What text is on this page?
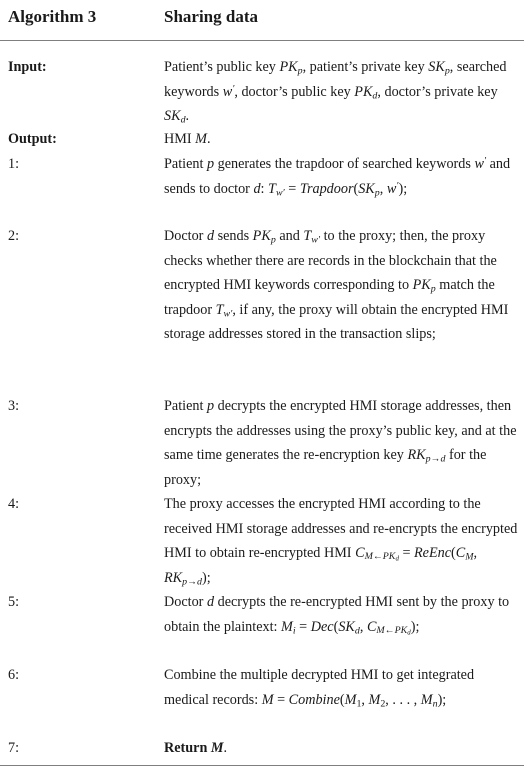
Algorithm 3	Sharing data
Input:	Patient’s public key $PK_p$, patient’s private key $SK_p$, searched keywords w′, doctor’s public key $PK_d$, doctor’s private key $SK_d$.
Output:	HMI M.
1:	Patient p generates the trapdoor of searched keywords w′ and sends to doctor d: $T_{w'}$ = $Trapdoor(SK_p$, w′);
2:	Doctor d sends $PK_p$ and $T_{w'}$ to the proxy; then, the proxy checks whether there are records in the blockchain that the encrypted HMI keywords corresponding to $PK_p$ match the trapdoor $T_{w'}$, if any, the proxy will obtain the encrypted HMI storage addresses stored in the transaction slips;
3:	Patient p decrypts the encrypted HMI storage addresses, then encrypts the addresses using the proxy’s public key, and at the same time generates the re-encryption key $RK_{p\to d}$ for the proxy;
4:	The proxy accesses the encrypted HMI according to the received HMI storage addresses and re-encrypts the encrypted HMI to obtain re-encrypted HMI $C_{M\leftarrow PK_d}$ = $ReEnc(C_M$, $RK_{p\to d}$);
5:	Doctor d decrypts the re-encrypted HMI sent by the proxy to obtain the plaintext: $M_i = Dec(SK_d$, $C_{M\leftarrow PK_d}$);
6:	Combine the multiple decrypted HMI to get integrated medical records: $M = Combine(M_1$, $M_2$, . . . , $M_n$);
7:	Return M.
